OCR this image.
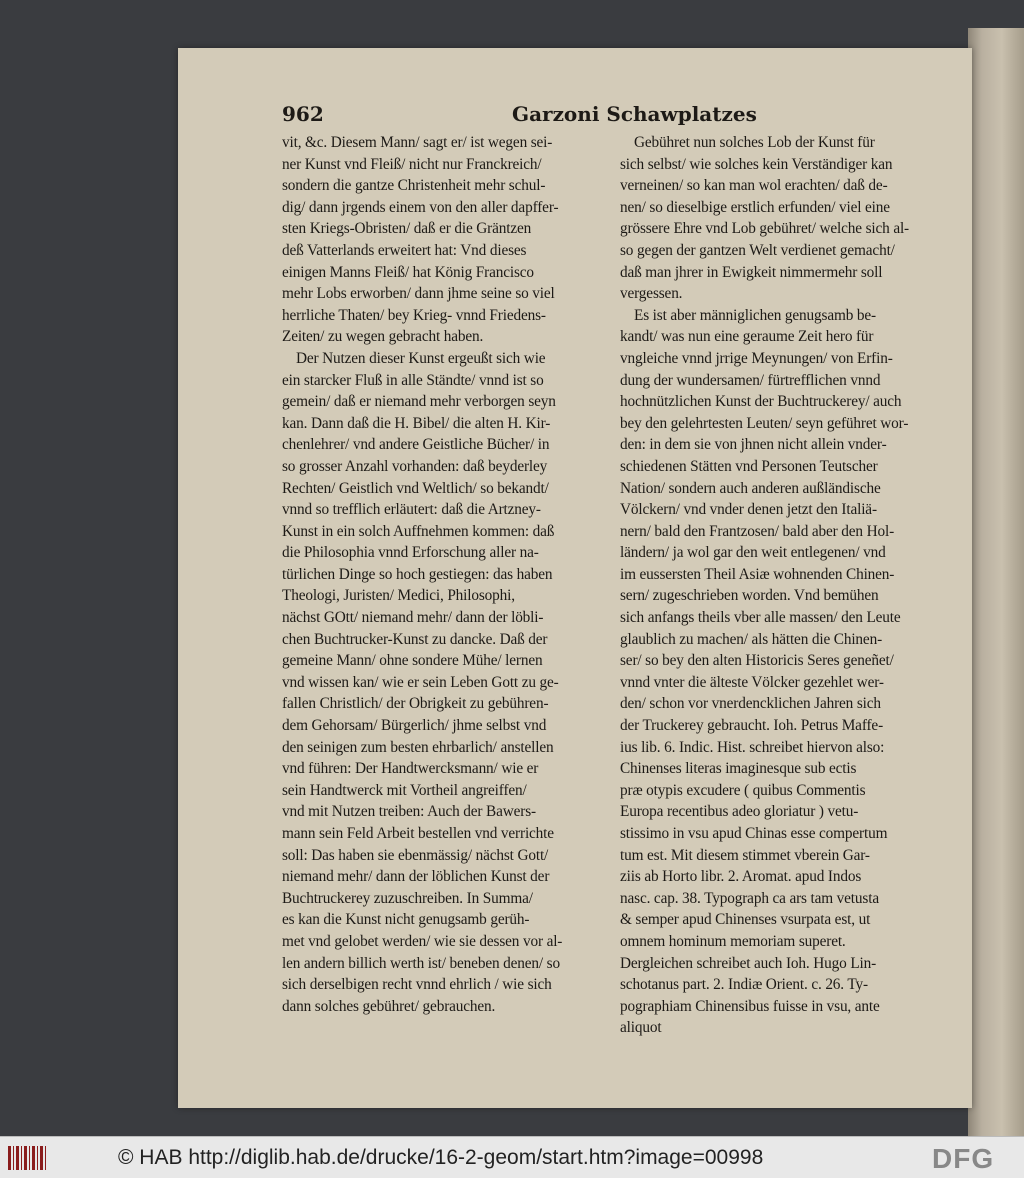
962	Garzoni Schawplatzes
vit, &c. Diesem Mann/ sagt er/ ist wegen sei-
ner Kunst vnd Fleiß/ nicht nur Franckreich/
sondern die gantze Christenheit mehr schul-
dig/ dann jrgends einem von den aller dapffer-
sten Kriegs-Obristen/ daß er die Gräntzen
deß Vatterlands erweitert hat: Vnd dieses
einigen Manns Fleiß/ hat König Francisco
mehr Lobs erworben/ dann jhme seine so viel
herrliche Thaten/ bey Krieg- vnnd Friedens-
Zeiten/ zu wegen gebracht haben.
Der Nutzen dieser Kunst ergeußt sich wie
ein starcker Fluß in alle Ständte/ vnnd ist so
gemein/ daß er niemand mehr verborgen seyn
kan. Dann daß die H. Bibel/ die alten H. Kir-
chenlehrer/ vnd andere Geistliche Bücher/ in
so grosser Anzahl vorhanden: daß beyderley
Rechten/ Geistlich vnd Weltlich/ so bekandt/
vnnd so trefflich erläutert: daß die Artzney-
Kunst in ein solch Auffnehmen kommen: daß
die Philosophia vnnd Erforschung aller na-
türlichen Dinge so hoch gestiegen: das haben
Theologi, Juristen/ Medici, Philosophi,
nächst GOtt/ niemand mehr/ dann der löbli-
chen Buchtrucker-Kunst zu dancke. Daß der
gemeine Mann/ ohne sondere Mühe/ lernen
vnd wissen kan/ wie er sein Leben Gott zu ge-
fallen Christlich/ der Obrigkeit zu gebühren-
dem Gehorsam/ Bürgerlich/ jhme selbst vnd
den seinigen zum besten ehrbarlich/ anstellen
vnd führen: Der Handtwercksmann/ wie er
sein Handtwerck mit Vortheil angreiffen/
vnd mit Nutzen treiben: Auch der Bawers-
mann sein Feld Arbeit bestellen vnd verrichte
soll: Das haben sie ebenmässig/ nächst Gott/
niemand mehr/ dann der löblichen Kunst der
Buchtruckerey zuzuschreiben. In Summa/
es kan die Kunst nicht genugsamb gerüh-
met vnd gelobet werden/ wie sie dessen vor al-
len andern billich werth ist/ beneben denen/ so
sich derselbigen recht vnnd ehrlich / wie sich
dann solches gebühret/ gebrauchen.
Gebühret nun solches Lob der Kunst für
sich selbst/ wie solches kein Verständiger kan
verneinen/ so kan man wol erachten/ daß de-
nen/ so dieselbige erstlich erfunden/ viel eine
grössere Ehre vnd Lob gebühret/ welche sich al-
so gegen der gantzen Welt verdienet gemacht/
daß man jhrer in Ewigkeit nimmermehr soll
vergessen.
Es ist aber männiglichen genugsamb be-
kandt/ was nun eine geraume Zeit hero für
vngleiche vnnd jrrige Meynungen/ von Erfin-
dung der wundersamen/ fürtrefflichen vnnd
hochnützlichen Kunst der Buchtruckerey/ auch
bey den gelehrtesten Leuten/ seyn geführet wor-
den: in dem sie von jhnen nicht allein vnder-
schiedenen Stätten vnd Personen Teutscher
Nation/ sondern auch anderen außländische
Völckern/ vnd vnder denen jetzt den Italiä-
nern/ bald den Frantzosen/ bald aber den Hol-
ländern/ ja wol gar den weit entlegenen/ vnd
im eussersten Theil Asiæ wohnenden Chinen-
sern/ zugeschrieben worden. Vnd bemühen
sich anfangs theils vber alle massen/ den Leute
glaublich zu machen/ als hätten die Chinen-
ser/ so bey den alten Historicis Seres geneñet/
vnnd vnter die älteste Völcker gezehlet wer-
den/ schon vor vnerdencklichen Jahren sich
der Truckerey gebraucht. Ioh. Petrus Maffe-
ius lib. 6. Indic. Hist. schreibet hiervon also:
Chinenses literas imaginesque sub ectis
præ otypis excudere ( quibus Commentis
Europa recentibus adeo gloriatur ) vetu-
stissimo in vsu apud Chinas esse compertum
tum est. Mit diesem stimmet vberein Gar-
ziis ab Horto libr. 2. Aromat. apud Indos
nasc. cap. 38. Typograph ca ars tam vetusta
& semper apud Chinenses vsurpata est, ut
omnem hominum memoriam superet.
Dergleichen schreibet auch Ioh. Hugo Lin-
schotanus part. 2. Indiæ Orient. c. 26. Ty-
pographiam Chinensibus fuisse in vsu, ante
aliquot
© HAB http://diglib.hab.de/drucke/16-2-geom/start.htm?image=00998	DFG
